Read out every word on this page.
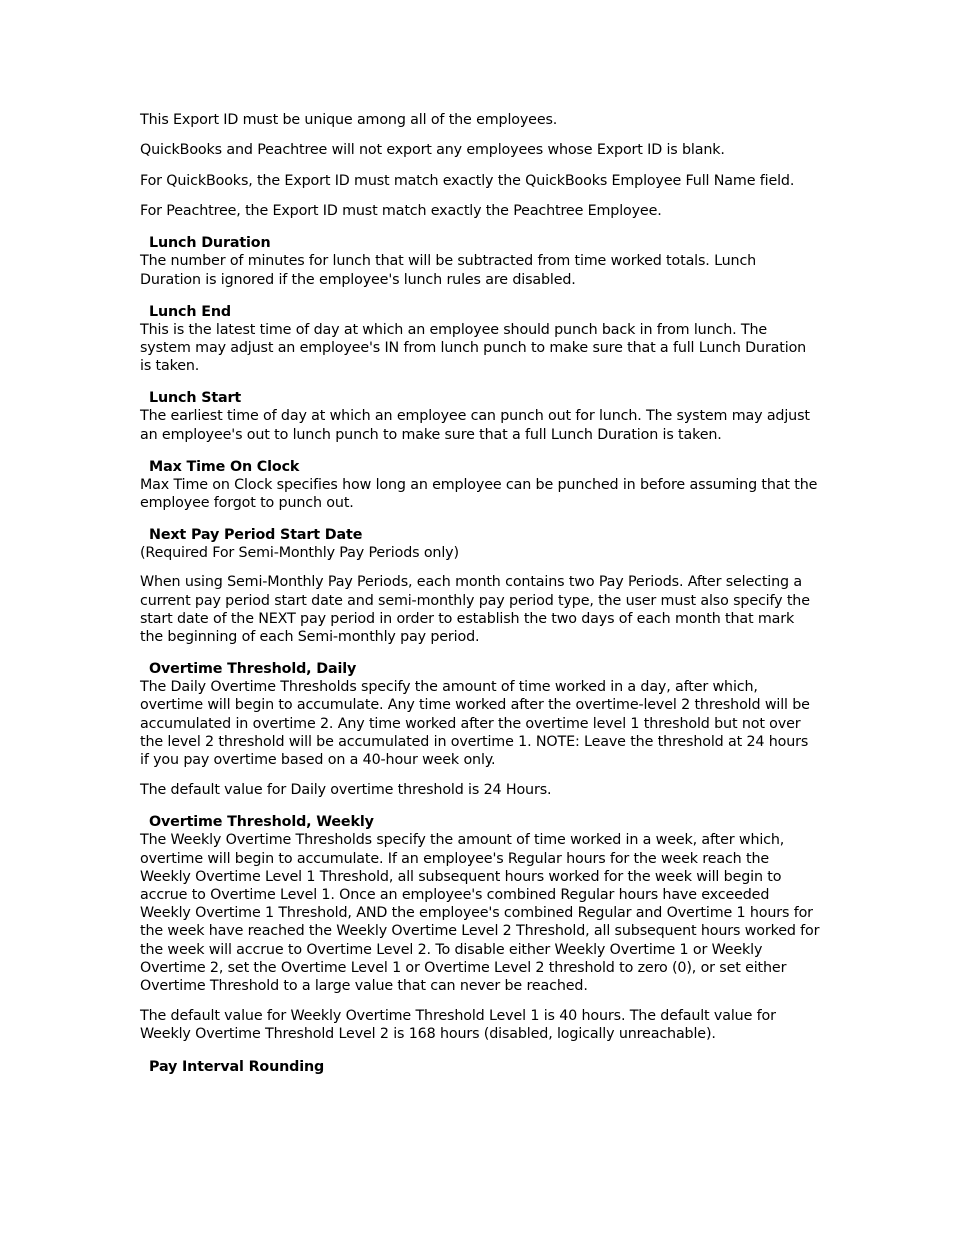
This Export ID must be unique among all of the employees.

QuickBooks and Peachtree will not export any employees whose Export ID is blank.

For QuickBooks, the Export ID must match exactly the QuickBooks Employee Full Name field.

For Peachtree, the Export ID must match exactly the Peachtree Employee.

Lunch Duration

The number of minutes for lunch that will be subtracted from time worked totals. Lunch Duration is ignored if the employee's lunch rules are disabled.

Lunch End

This is the latest time of day at which an employee should punch back in from lunch. The system may adjust an employee's IN from lunch punch to make sure that a full Lunch Duration is taken.

Lunch Start

The earliest time of day at which an employee can punch out for lunch. The system may adjust an employee's out to lunch punch to make sure that a full Lunch Duration is taken.

Max Time On Clock

Max Time on Clock specifies how long an employee can be punched in before assuming that the employee forgot to punch out.

Next Pay Period Start Date

(Required For Semi-Monthly Pay Periods only)

When using Semi-Monthly Pay Periods, each month contains two Pay Periods. After selecting a current pay period start date and semi-monthly pay period type, the user must also specify the start date of the NEXT pay period in order to establish the two days of each month that mark the beginning of each Semi-monthly pay period.

Overtime Threshold, Daily

The Daily Overtime Thresholds specify the amount of time worked in a day, after which, overtime will begin to accumulate. Any time worked after the overtime-level 2 threshold will be accumulated in overtime 2. Any time worked after the overtime level 1 threshold but not over the level 2 threshold will be accumulated in overtime 1. NOTE: Leave the threshold at 24 hours if you pay overtime based on a 40-hour week only.

The default value for Daily overtime threshold is 24 Hours.

Overtime Threshold, Weekly

The Weekly Overtime Thresholds specify the amount of time worked in a week, after which, overtime will begin to accumulate. If an employee's Regular hours for the week reach the Weekly Overtime Level 1 Threshold, all subsequent hours worked for the week will begin to accrue to Overtime Level 1. Once an employee's combined Regular hours have exceeded Weekly Overtime 1 Threshold, AND the employee's combined Regular and Overtime 1 hours for the week have reached the Weekly Overtime Level 2 Threshold, all subsequent hours worked for the week will accrue to Overtime Level 2. To disable either Weekly Overtime 1 or Weekly Overtime 2, set the Overtime Level 1 or Overtime Level 2 threshold to zero (0), or set either Overtime Threshold to a large value that can never be reached.

The default value for Weekly Overtime Threshold Level 1 is 40 hours. The default value for Weekly Overtime Threshold Level 2 is 168 hours (disabled, logically unreachable).

Pay Interval Rounding
